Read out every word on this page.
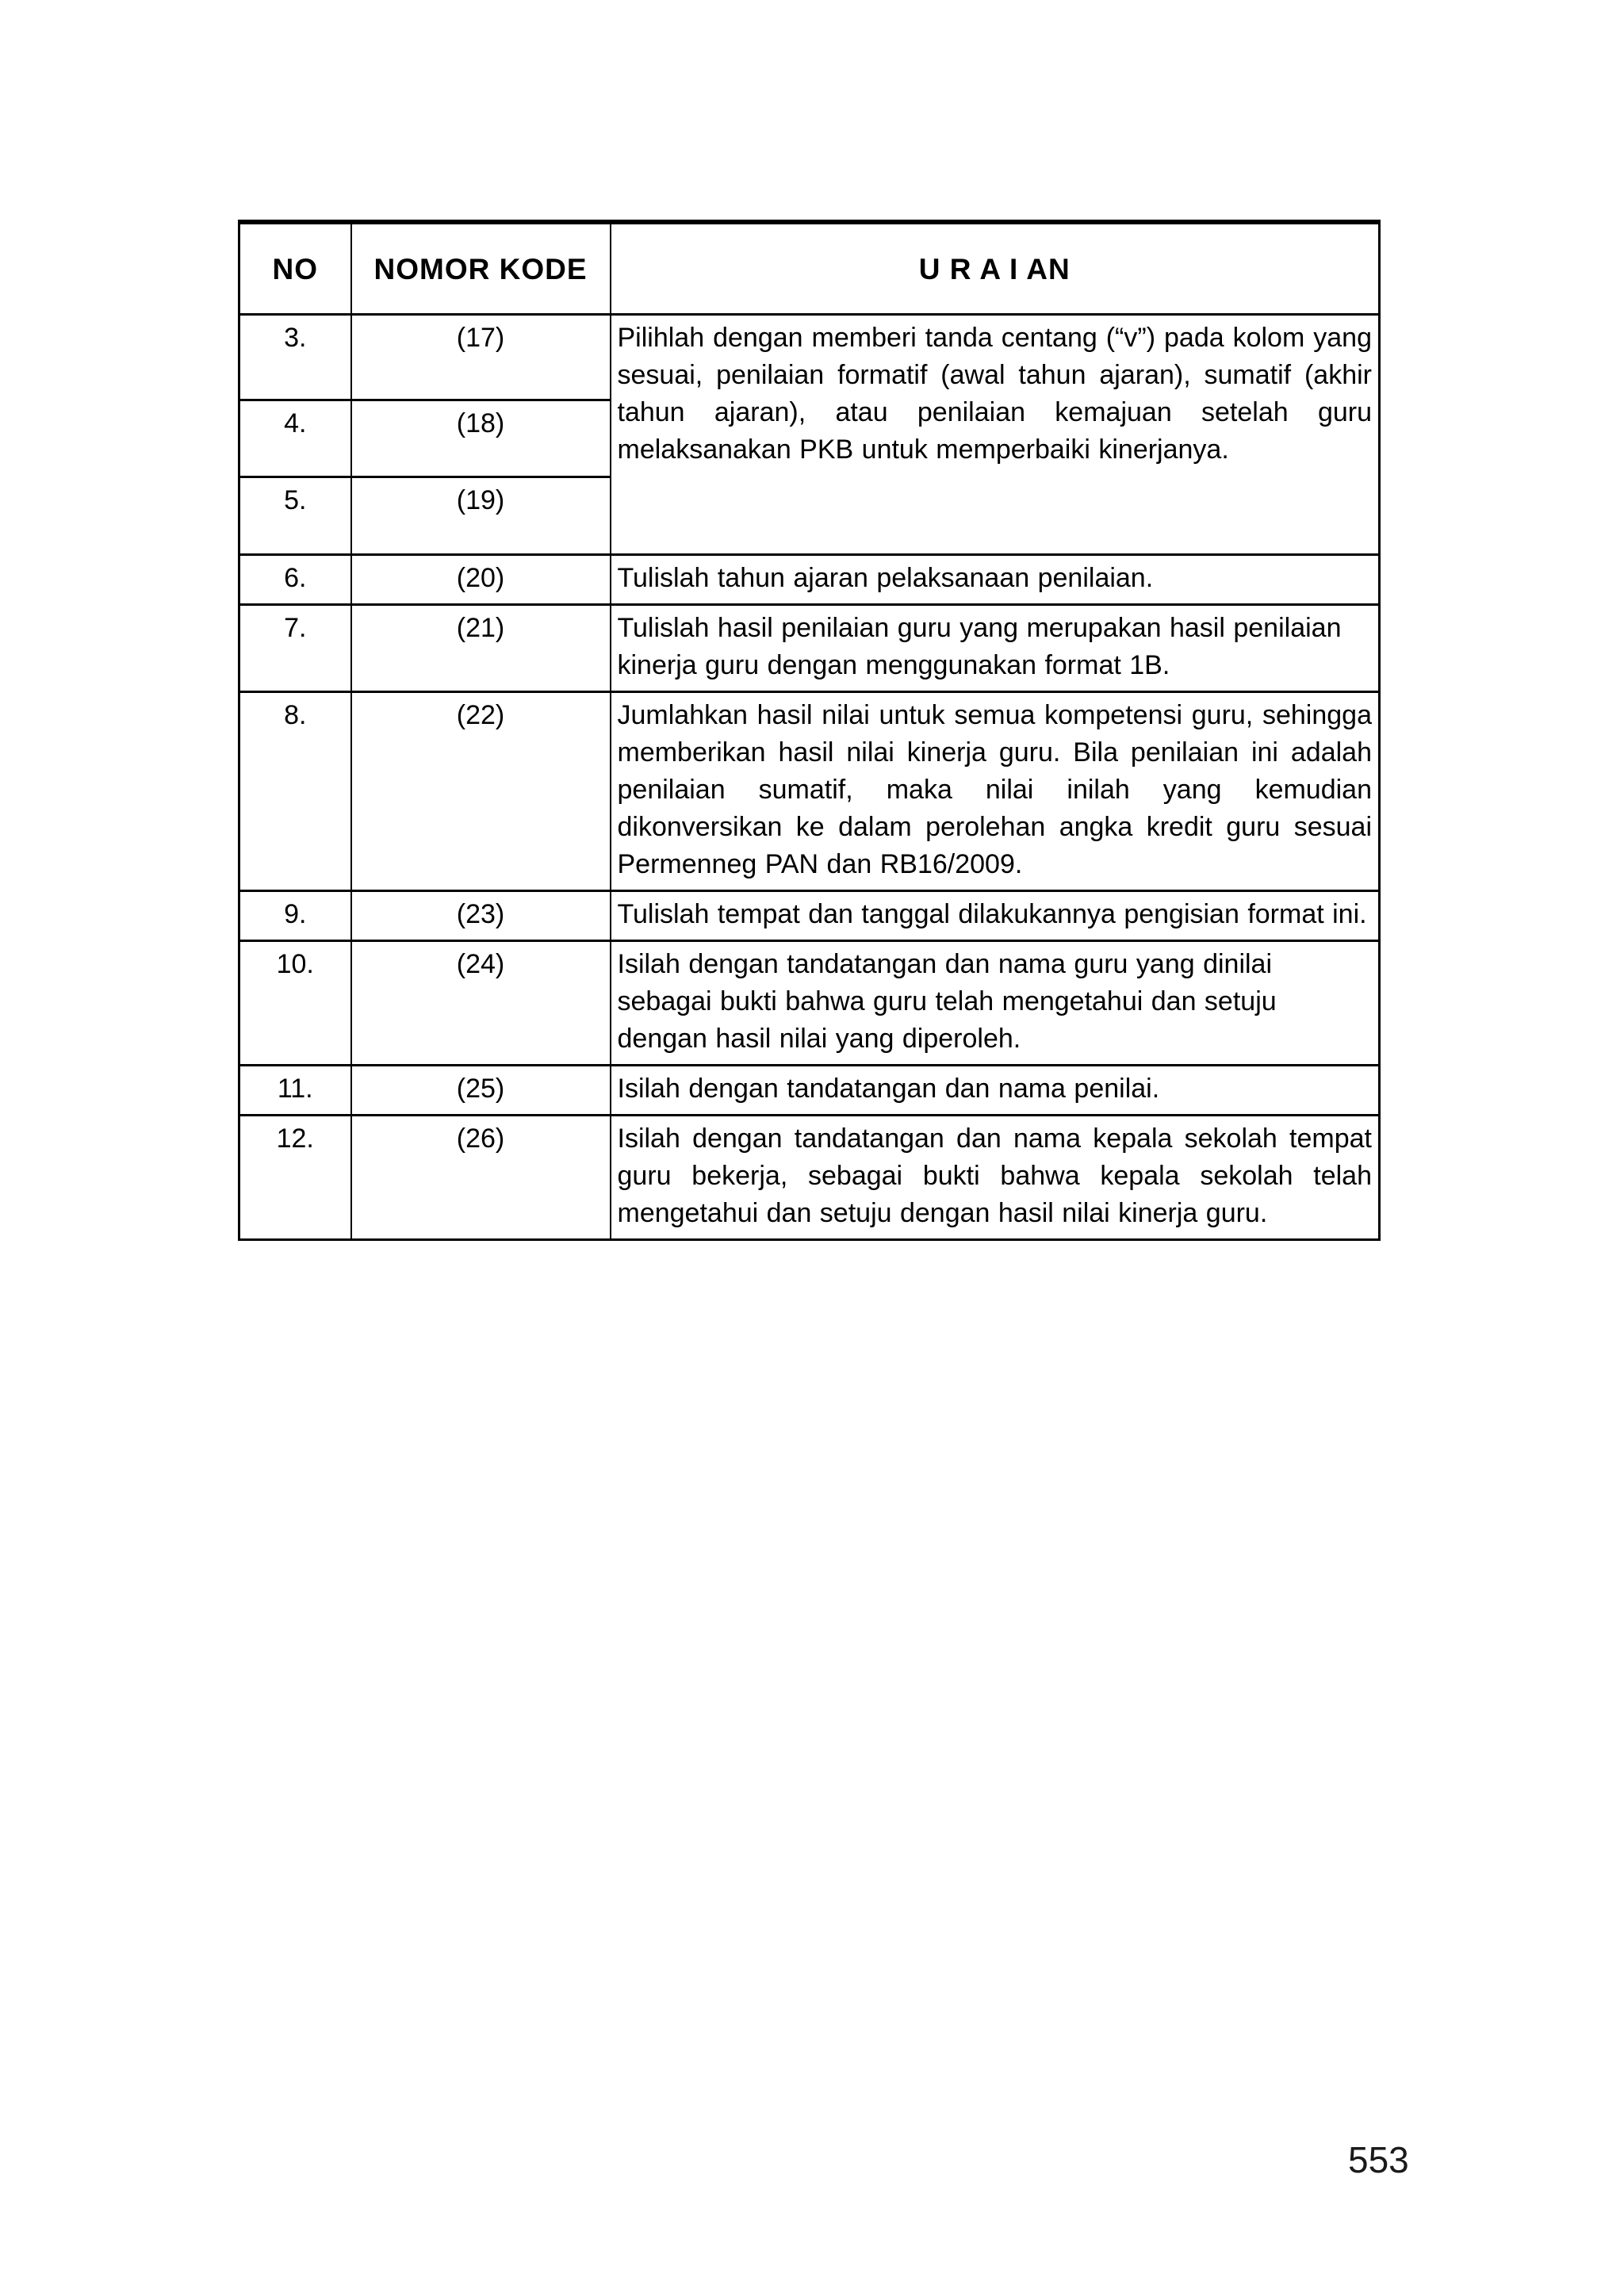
NO	NOMOR KODE	U R A I AN
3.	(17)	Pilihlah dengan memberi tanda centang (“v”) pada kolom yang sesuai, penilaian formatif (awal tahun ajaran), sumatif (akhir tahun ajaran), atau penilaian kemajuan setelah guru melaksanakan PKB untuk memperbaiki kinerjanya.
4.	(18)	
5.	(19)	
6.	(20)	Tulislah tahun ajaran pelaksanaan penilaian.
7.	(21)	Tulislah hasil penilaian guru yang merupakan hasil penilaian kinerja guru dengan menggunakan format 1B.
8.	(22)	Jumlahkan hasil nilai untuk semua kompetensi guru, sehingga memberikan hasil nilai kinerja guru. Bila penilaian ini adalah penilaian sumatif, maka nilai inilah yang kemudian dikonversikan ke dalam perolehan angka kredit guru sesuai Permenneg PAN dan RB16/2009.
9.	(23)	Tulislah tempat dan tanggal dilakukannya pengisian format ini.
10.	(24)	Isilah dengan tandatangan dan nama guru yang dinilai sebagai bukti bahwa guru telah mengetahui dan setuju dengan hasil nilai yang diperoleh.
11.	(25)	Isilah dengan tandatangan dan nama penilai.
12.	(26)	Isilah dengan tandatangan dan nama kepala sekolah tempat guru bekerja, sebagai bukti bahwa kepala sekolah telah mengetahui dan setuju dengan hasil nilai kinerja guru.
553
